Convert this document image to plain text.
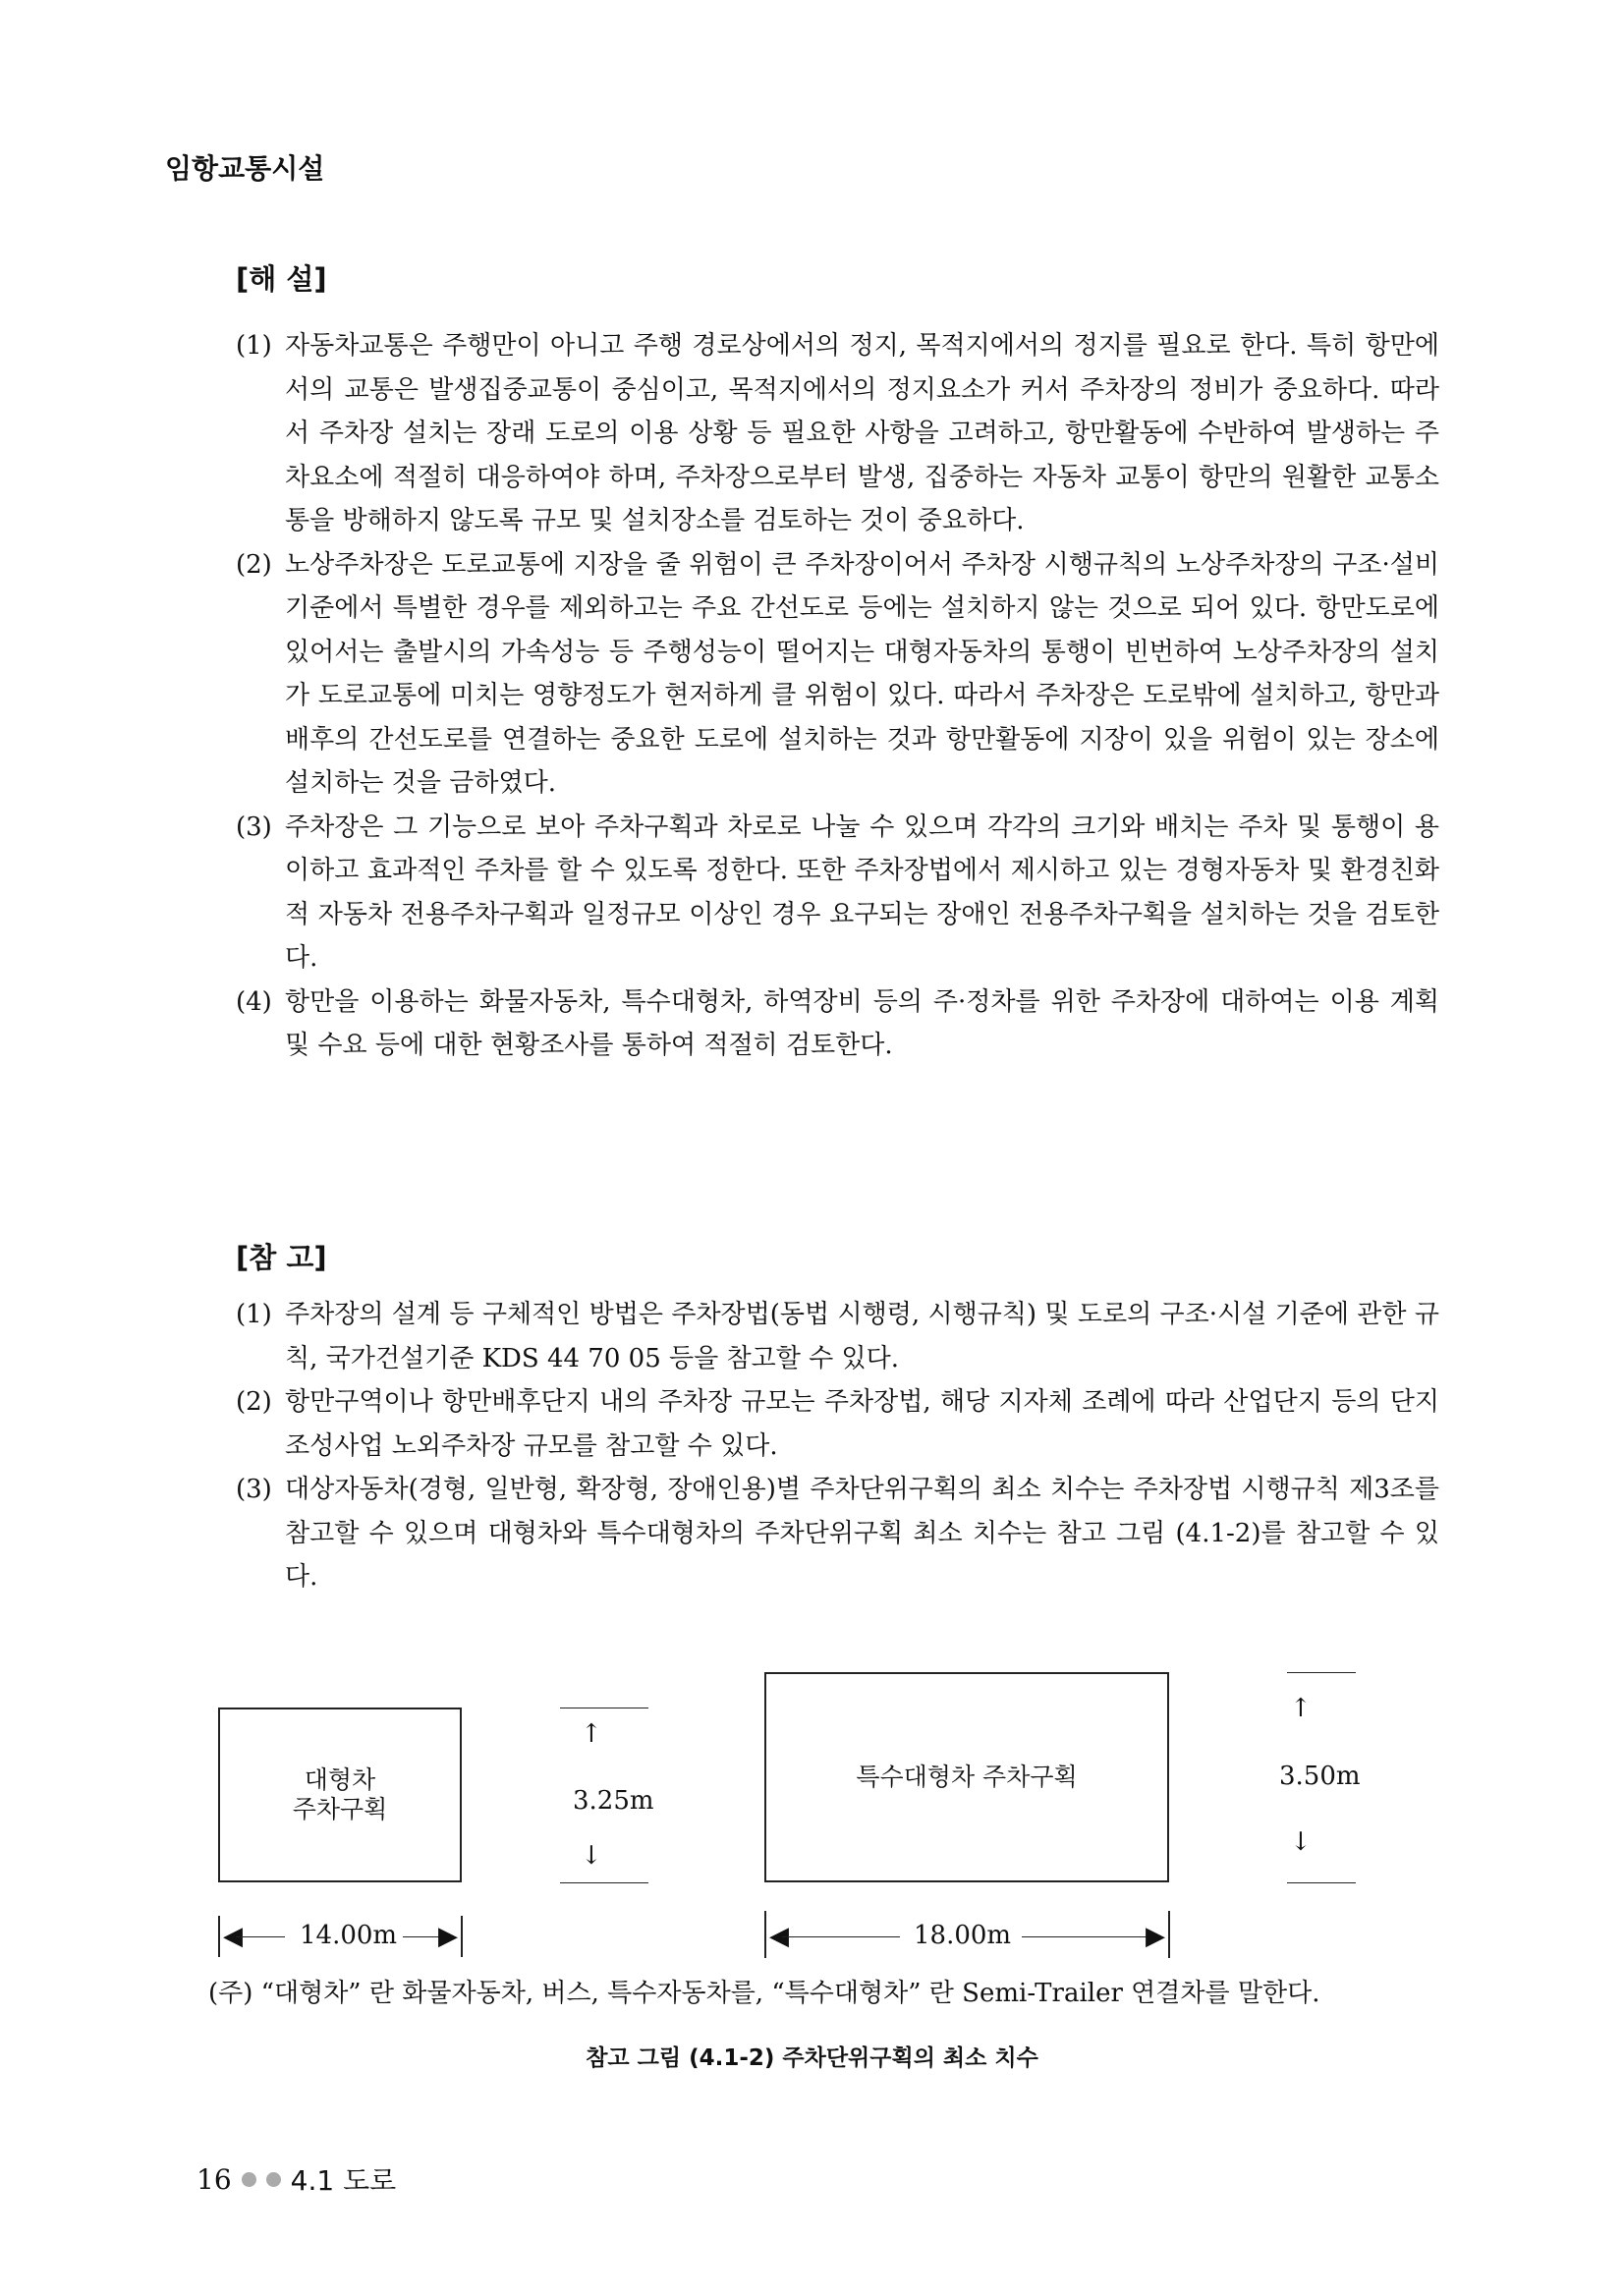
임항교통시설
[해 설]
(1) 자동차교통은 주행만이 아니고 주행 경로상에서의 정지, 목적지에서의 정지를 필요로 한다. 특히 항만에서의 교통은 발생집중교통이 중심이고, 목적지에서의 정지요소가 커서 주차장의 정비가 중요하다. 따라서 주차장 설치는 장래 도로의 이용 상황 등 필요한 사항을 고려하고, 항만활동에 수반하여 발생하는 주차요소에 적절히 대응하여야 하며, 주차장으로부터 발생, 집중하는 자동차 교통이 항만의 원활한 교통소통을 방해하지 않도록 규모 및 설치장소를 검토하는 것이 중요하다.
(2) 노상주차장은 도로교통에 지장을 줄 위험이 큰 주차장이어서 주차장 시행규칙의 노상주차장의 구조·설비 기준에서 특별한 경우를 제외하고는 주요 간선도로 등에는 설치하지 않는 것으로 되어 있다. 항만도로에 있어서는 출발시의 가속성능 등 주행성능이 떨어지는 대형자동차의 통행이 빈번하여 노상주차장의 설치가 도로교통에 미치는 영향정도가 현저하게 클 위험이 있다. 따라서 주차장은 도로밖에 설치하고, 항만과 배후의 간선도로를 연결하는 중요한 도로에 설치하는 것과 항만활동에 지장이 있을 위험이 있는 장소에 설치하는 것을 금하였다.
(3) 주차장은 그 기능으로 보아 주차구획과 차로로 나눌 수 있으며 각각의 크기와 배치는 주차 및 통행이 용이하고 효과적인 주차를 할 수 있도록 정한다. 또한 주차장법에서 제시하고 있는 경형자동차 및 환경친화적 자동차 전용주차구획과 일정규모 이상인 경우 요구되는 장애인 전용주차구획을 설치하는 것을 검토한다.
(4) 항만을 이용하는 화물자동차, 특수대형차, 하역장비 등의 주·정차를 위한 주차장에 대하여는 이용 계획 및 수요 등에 대한 현황조사를 통하여 적절히 검토한다.
[참 고]
(1) 주차장의 설계 등 구체적인 방법은 주차장법(동법 시행령, 시행규칙) 및 도로의 구조·시설 기준에 관한 규칙, 국가건설기준 KDS 44 70 05 등을 참고할 수 있다.
(2) 항만구역이나 항만배후단지 내의 주차장 규모는 주차장법, 해당 지자체 조례에 따라 산업단지 등의 단지조성사업 노외주차장 규모를 참고할 수 있다.
(3) 대상자동차(경형, 일반형, 확장형, 장애인용)별 주차단위구획의 최소 치수는 주차장법 시행규칙 제3조를 참고할 수 있으며 대형차와 특수대형차의 주차단위구획 최소 치수는 참고 그림 (4.1-2)를 참고할 수 있다.
대형차
주차구획
↑
3.25m
↓
◀ 14.00m ▶
특수대형차 주차구획
↑
3.50m
↓
◀	18.00m	▶
(주) “대형차” 란 화물자동차, 버스, 특수자동차를, “특수대형차” 란 Semi-Trailer 연결차를 말한다.
참고 그림 (4.1-2) 주차단위구획의 최소 치수
16 4.1 도로
